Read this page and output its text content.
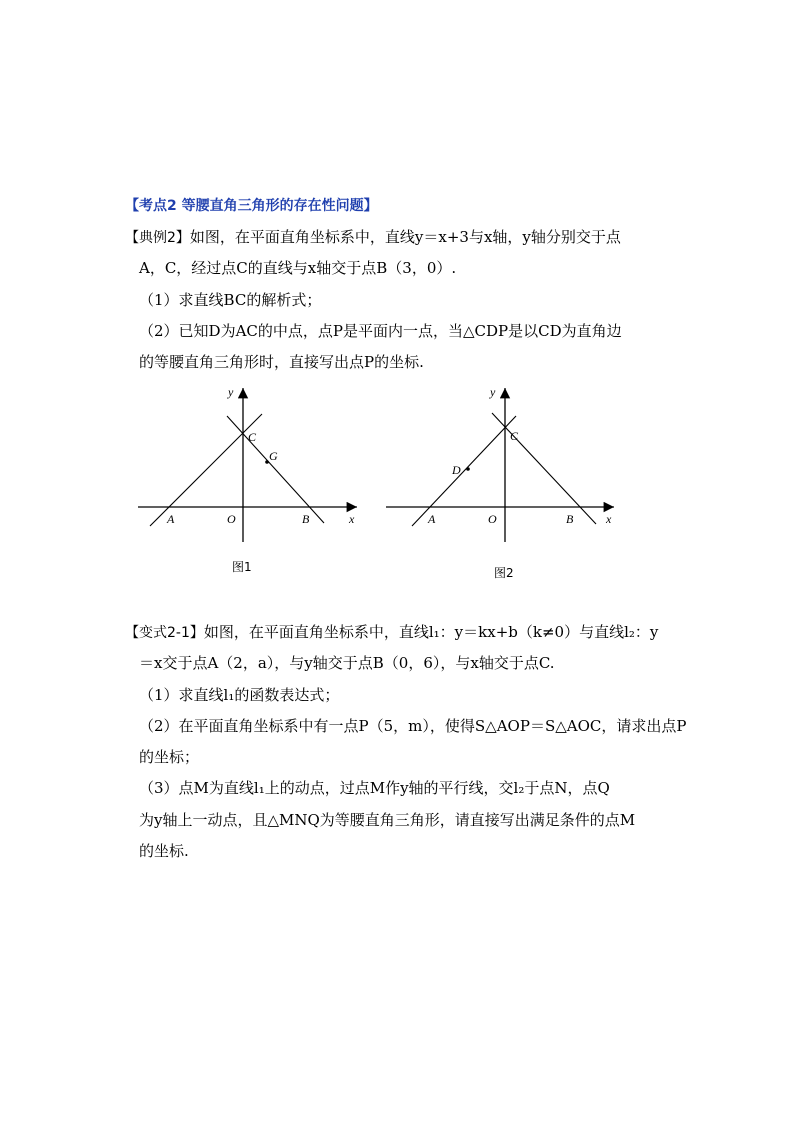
【考点2 等腰直角三角形的存在性问题】
【典例2】如图，在平面直角坐标系中，直线y＝x+3与x轴，y轴分别交于点
A，C，经过点C的直线与x轴交于点B（3，0）.
（1）求直线BC的解析式；
（2）已知D为AC的中点，点P是平面内一点，当△CDP是以CD为直角边
的等腰直角三角形时，直接写出点P的坐标.
y
x
A	O	B
C
G
图1
y
x
A	O	B
C
D
图2
【变式2-1】如图，在平面直角坐标系中，直线l₁：y＝kx+b（k≠0）与直线l₂：y
＝x交于点A（2，a），与y轴交于点B（0，6），与x轴交于点C.
（1）求直线l₁的函数表达式；
（2）在平面直角坐标系中有一点P（5，m），使得S△AOP＝S△AOC，请求出点P
的坐标；
（3）点M为直线l₁上的动点，过点M作y轴的平行线，交l₂于点N，点Q
为y轴上一动点，且△MNQ为等腰直角三角形，请直接写出满足条件的点M
的坐标.
